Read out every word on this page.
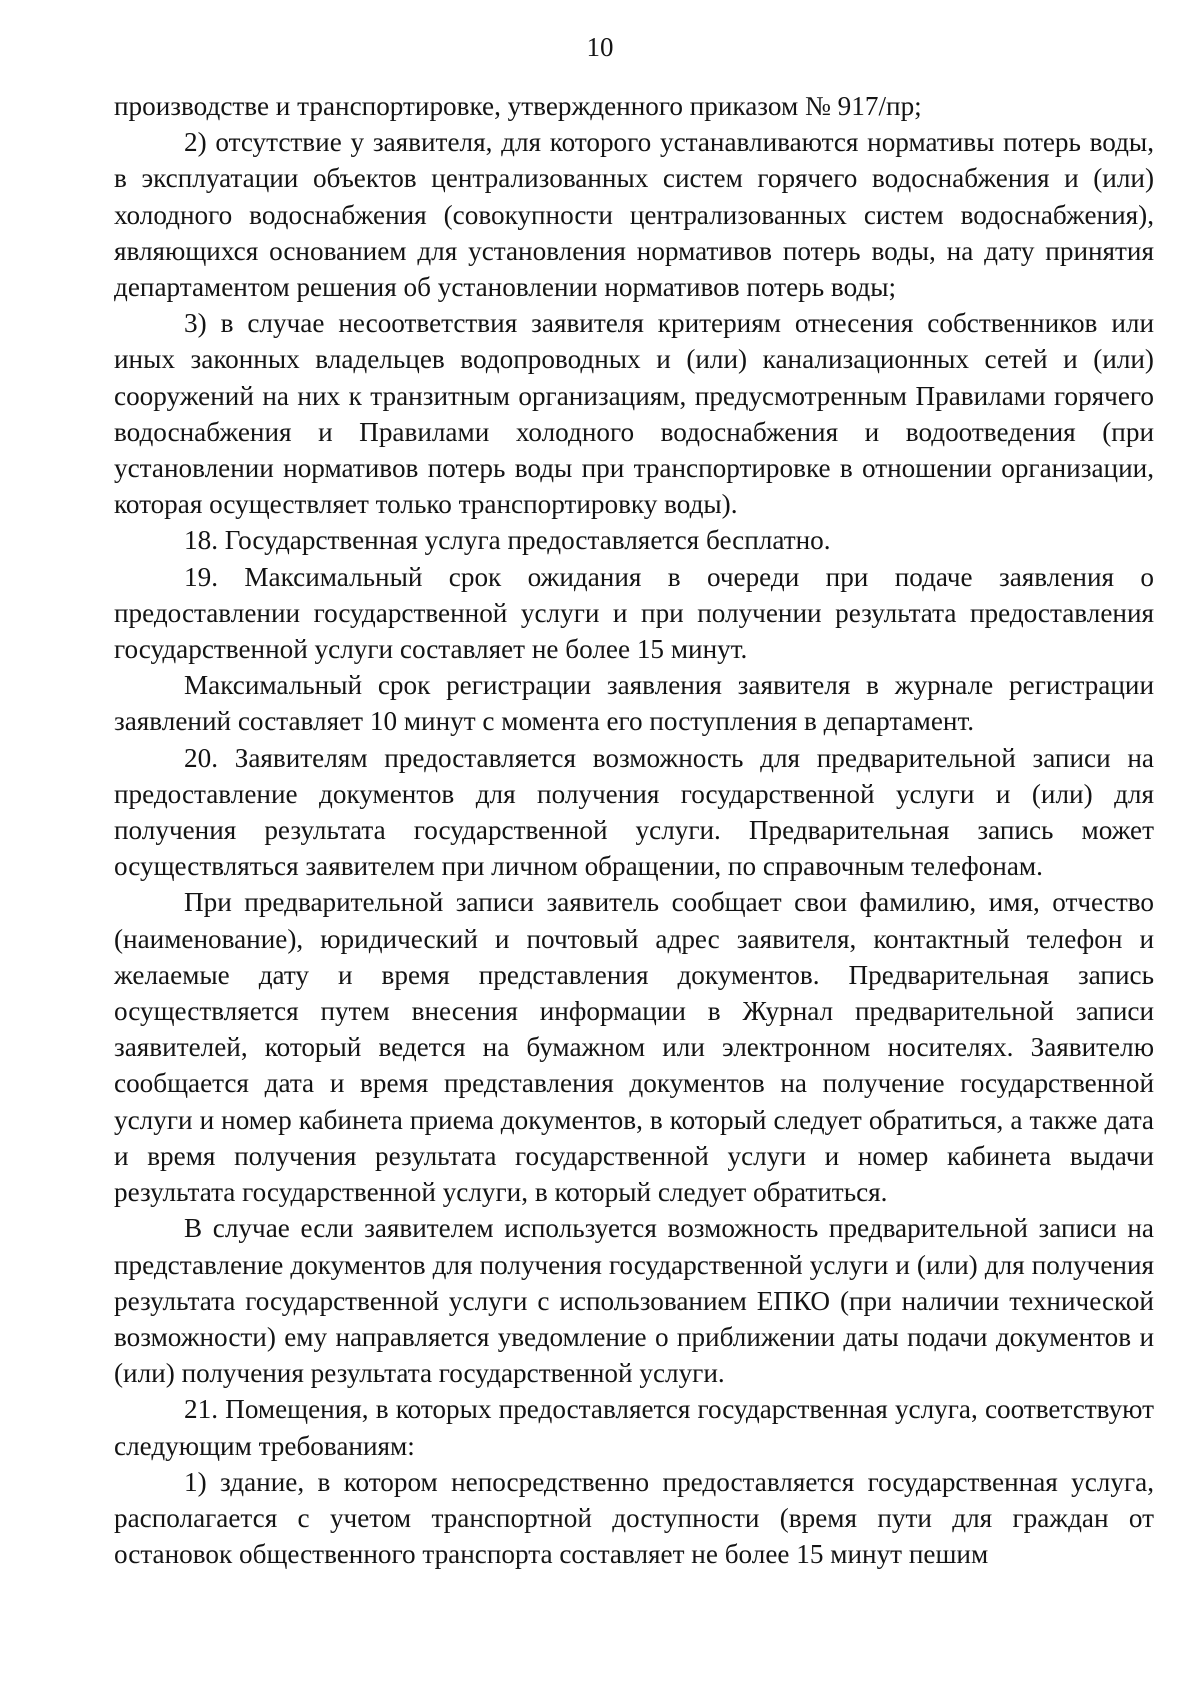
10

производстве и транспортировке, утвержденного приказом № 917/пр;

2) отсутствие у заявителя, для которого устанавливаются нормативы потерь воды, в эксплуатации объектов централизованных систем горячего водоснабжения и (или) холодного водоснабжения (совокупности централизованных систем водоснабжения), являющихся основанием для установления нормативов потерь воды, на дату принятия департаментом решения об установлении нормативов потерь воды;

3) в случае несоответствия заявителя критериям отнесения собственников или иных законных владельцев водопроводных и (или) канализационных сетей и (или) сооружений на них к транзитным организациям, предусмотренным Правилами горячего водоснабжения и Правилами холодного водоснабжения и водоотведения (при установлении нормативов потерь воды при транспортировке в отношении организации, которая осуществляет только транспортировку воды).

18. Государственная услуга предоставляется бесплатно.

19. Максимальный срок ожидания в очереди при подаче заявления о предоставлении государственной услуги и при получении результата предоставления государственной услуги составляет не более 15 минут.

Максимальный срок регистрации заявления заявителя в журнале регистрации заявлений составляет 10 минут с момента его поступления в департамент.

20. Заявителям предоставляется возможность для предварительной записи на предоставление документов для получения государственной услуги и (или) для получения результата государственной услуги. Предварительная запись может осуществляться заявителем при личном обращении, по справочным телефонам.

При предварительной записи заявитель сообщает свои фамилию, имя, отчество (наименование), юридический и почтовый адрес заявителя, контактный телефон и желаемые дату и время представления документов. Предварительная запись осуществляется путем внесения информации в Журнал предварительной записи заявителей, который ведется на бумажном или электронном носителях. Заявителю сообщается дата и время представления документов на получение государственной услуги и номер кабинета приема документов, в который следует обратиться, а также дата и время получения результата государственной услуги и номер кабинета выдачи результата государственной услуги, в который следует обратиться.

В случае если заявителем используется возможность предварительной записи на представление документов для получения государственной услуги и (или) для получения результата государственной услуги с использованием ЕПКО (при наличии технической возможности) ему направляется уведомление о приближении даты подачи документов и (или) получения результата государственной услуги.

21. Помещения, в которых предоставляется государственная услуга, соответствуют следующим требованиям:

1) здание, в котором непосредственно предоставляется государственная услуга, располагается с учетом транспортной доступности (время пути для граждан от остановок общественного транспорта составляет не более 15 минут пешим
